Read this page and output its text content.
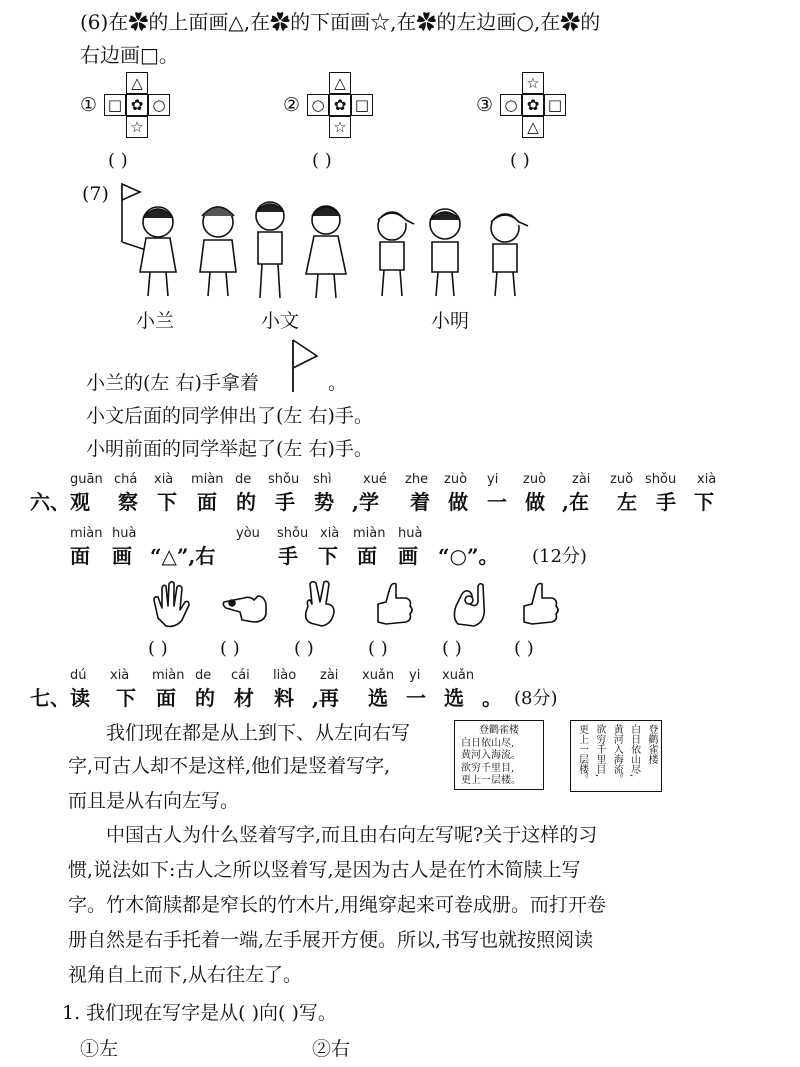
(6)在✿的上面画△,在✿的下面画☆,在✿的左边画○,在✿的
右边画□。
①
△
□ ✿ ○
☆
( )
②
△
○ ✿ □
☆
( )
③
☆
○ ✿ □
△
( )
(7)
小兰	小文	小明
小兰的(左 右)手拿着	。
小文后面的同学伸出了(左 右)手。
小明前面的同学举起了(左 右)手。
guān chá xià miàn de shǒu shì xué zhe zuò yi zuò zài zuǒ shǒu xià
六、观 察 下 面 的 手 势 ,学 着 做 一 做 ,在 左 手 下
miàn huà	yòu shǒu xià miàn huà
面 画 “△”,右	手 下 面 画 “○”。 (12分)
( )	( )	( )	( )	( )	( )
dú xià miàn de cái liào zài xuǎn yi xuǎn
七、读 下 面 的 材 料 ,再 选 一 选 。 (8分)
我们现在都是从上到下、从左向右写
字,可古人却不是这样,他们是竖着写字,
而且是从右向左写。
登鹳雀楼
白日依山尽,
黄河入海流。
欲穷千里目,
更上一层楼。
登鹳雀楼
白日依山尽,
黄河入海流。
欲穷千里目,
更上一层楼。
中国古人为什么竖着写字,而且由右向左写呢?关于这样的习
惯,说法如下:古人之所以竖着写,是因为古人是在竹木简牍上写
字。竹木简牍都是窄长的竹木片,用绳穿起来可卷成册。而打开卷
册自然是右手托着一端,左手展开方便。所以,书写也就按照阅读
视角自上而下,从右往左了。
1. 我们现在写字是从( )向( )写。
①左	②右
